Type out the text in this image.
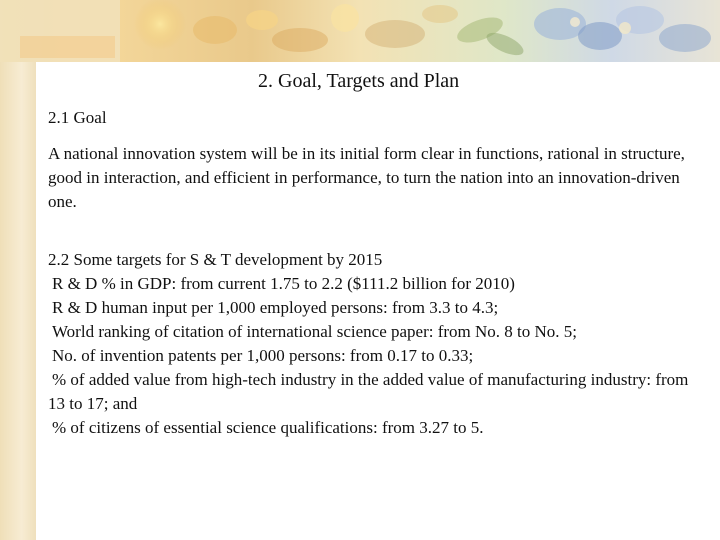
2. Goal, Targets and Plan
2.1 Goal
A national innovation system will be in its initial form clear in functions, rational in structure, good in interaction, and efficient in performance, to turn the nation into an innovation-driven one.
2.2 Some targets for S & T development by 2015
R & D % in GDP: from current 1.75 to 2.2 ($111.2 billion for 2010)
R & D human input per 1,000 employed persons: from 3.3 to 4.3;
World ranking of citation of international science paper: from No. 8 to No. 5;
No. of invention patents per 1,000 persons: from 0.17 to 0.33;
% of added value from high-tech industry in the added value of manufacturing industry: from 13 to 17; and
% of citizens of essential science qualifications: from 3.27 to 5.
